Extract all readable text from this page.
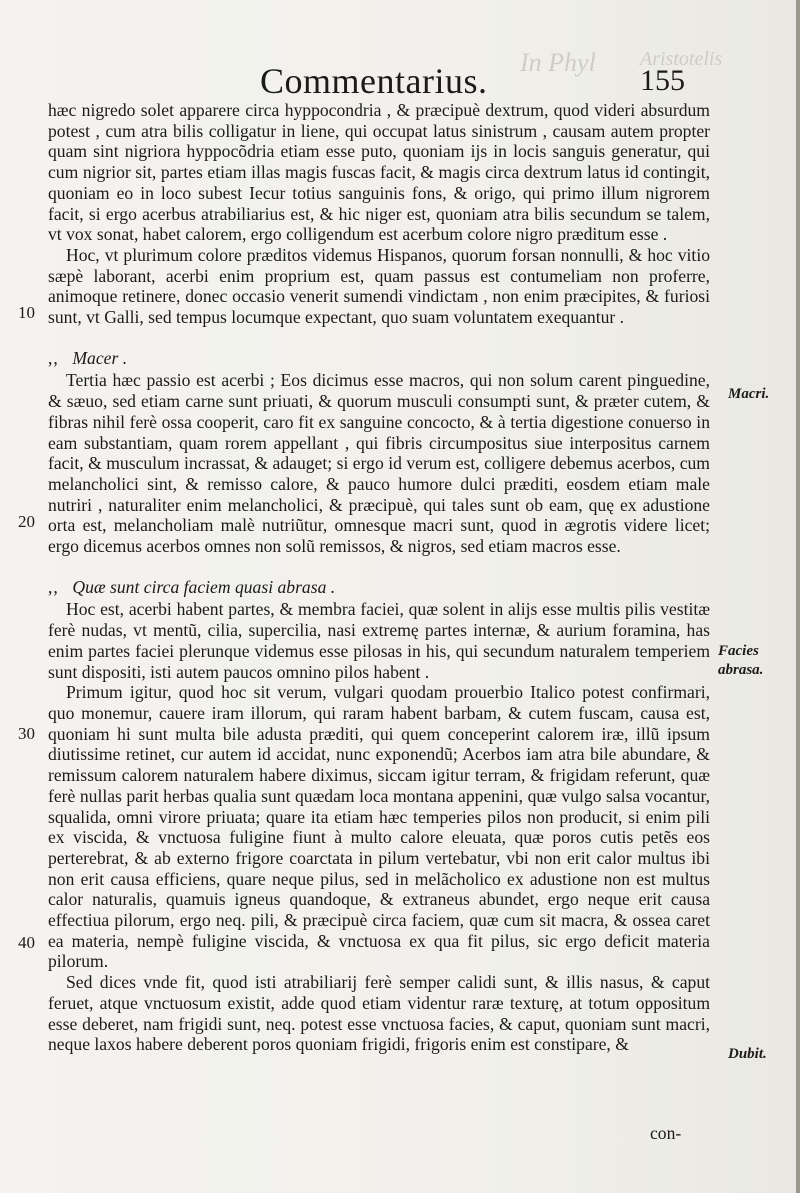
In Phyl Aristotelis
Commentarius.	155

hæc nigredo solet apparere circa hyppocondria , & præcipuè dextrum, quod videri absurdum potest , cum atra bilis colligatur in liene, qui occupat latus sinistrum , causam autem propter quam sint nigriora hyppocõdria etiam esse puto, quoniam ijs in locis sanguis generatur, qui cum nigrior sit, partes etiam illas magis fuscas facit, & magis circa dextrum latus id contingit, quoniam eo in loco subest Iecur totius sanguinis fons, & origo, qui primo illum nigrorem facit, si ergo acerbus atrabiliarius est, & hic niger est, quoniam atra bilis secundum se talem, vt vox sonat, habet calorem, ergo colligendum est acerbum colore nigro præditum esse .

Hoc, vt plurimum colore præditos videmus Hispanos, quorum forsan nonnulli, & hoc vitio sæpè laborant, acerbi enim proprium est, quam passus est contumeliam non proferre, animoque retinere, donec occasio venerit sumendi vindictam , non enim præcipites, & furiosi sunt, vt Galli, sed tempus locumque expectant, quo suam voluntatem exequantur .

,, Macer .

Tertia hæc passio est acerbi ; Eos dicimus esse macros, qui non solum carent pinguedine, & sæuo, sed etiam carne sunt priuati, & quorum musculi consumpti sunt, & præter cutem, & fibras nihil ferè ossa cooperit, caro fit ex sanguine concocto, & à tertia digestione conuerso in eam substantiam, quam rorem appellant , qui fibris circumpositus siue interpositus carnem facit, & musculum incrassat, & adauget; si ergo id verum est, colligere debemus acerbos, cum melancholici sint, & remisso calore, & pauco humore dulci præditi, eosdem etiam male nutriri , naturaliter enim melancholici, & præcipuè, qui tales sunt ob eam, quę ex adustione orta est, melancholiam malè nutriũtur, omnesque macri sunt, quod in ægrotis videre licet; ergo dicemus acerbos omnes non solũ remissos, & nigros, sed etiam macros esse.

,, Quæ sunt circa faciem quasi abrasa .

Hoc est, acerbi habent partes, & membra faciei, quæ solent in alijs esse multis pilis vestitæ ferè nudas, vt mentũ, cilia, supercilia, nasi extremę partes internæ, & aurium foramina, has enim partes faciei plerunque videmus esse pilosas in his, qui secundum naturalem temperiem sunt dispositi, isti autem paucos omnino pilos habent .

Primum igitur, quod hoc sit verum, vulgari quodam prouerbio Italico potest confirmari, quo monemur, cauere iram illorum, qui raram habent barbam, & cutem fuscam, causa est, quoniam hi sunt multa bile adusta præditi, qui quem conceperint calorem iræ, illũ ipsum diutissime retinet, cur autem id accidat, nunc exponendũ; Acerbos iam atra bile abundare, & remissum calorem naturalem habere diximus, siccam igitur terram, & frigidam referunt, quæ ferè nullas parit herbas qualia sunt quædam loca montana appenini, quæ vulgo salsa vocantur, squalida, omni virore priuata; quare ita etiam hæc temperies pilos non producit, si enim pili ex viscida, & vnctuosa fuligine fiunt à multo calore eleuata, quæ poros cutis petẽs eos perterebrat, & ab externo frigore coarctata in pilum vertebatur, vbi non erit calor multus ibi non erit causa efficiens, quare neque pilus, sed in melãcholico ex adustione non est multus calor naturalis, quamuis igneus quandoque, & extraneus abundet, ergo neque erit causa effectiua pilorum, ergo neq. pili, & præcipuè circa faciem, quæ cum sit macra, & ossea caret ea materia, nempè fuligine viscida, & vnctuosa ex qua fit pilus, sic ergo deficit materia pilorum.

Sed dices vnde fit, quod isti atrabiliarij ferè semper calidi sunt, & illis nasus, & caput feruet, atque vnctuosum existit, adde quod etiam videntur raræ texturę, at totum oppositum esse deberet, nam frigidi sunt, neq. potest esse vnctuosa facies, & caput, quoniam sunt macri, neque laxos habere deberent poros quoniam frigidi, frigoris enim est constipare, &

con-
Macri.
Facies abrasa.
Dubit.
10
20
30
40
